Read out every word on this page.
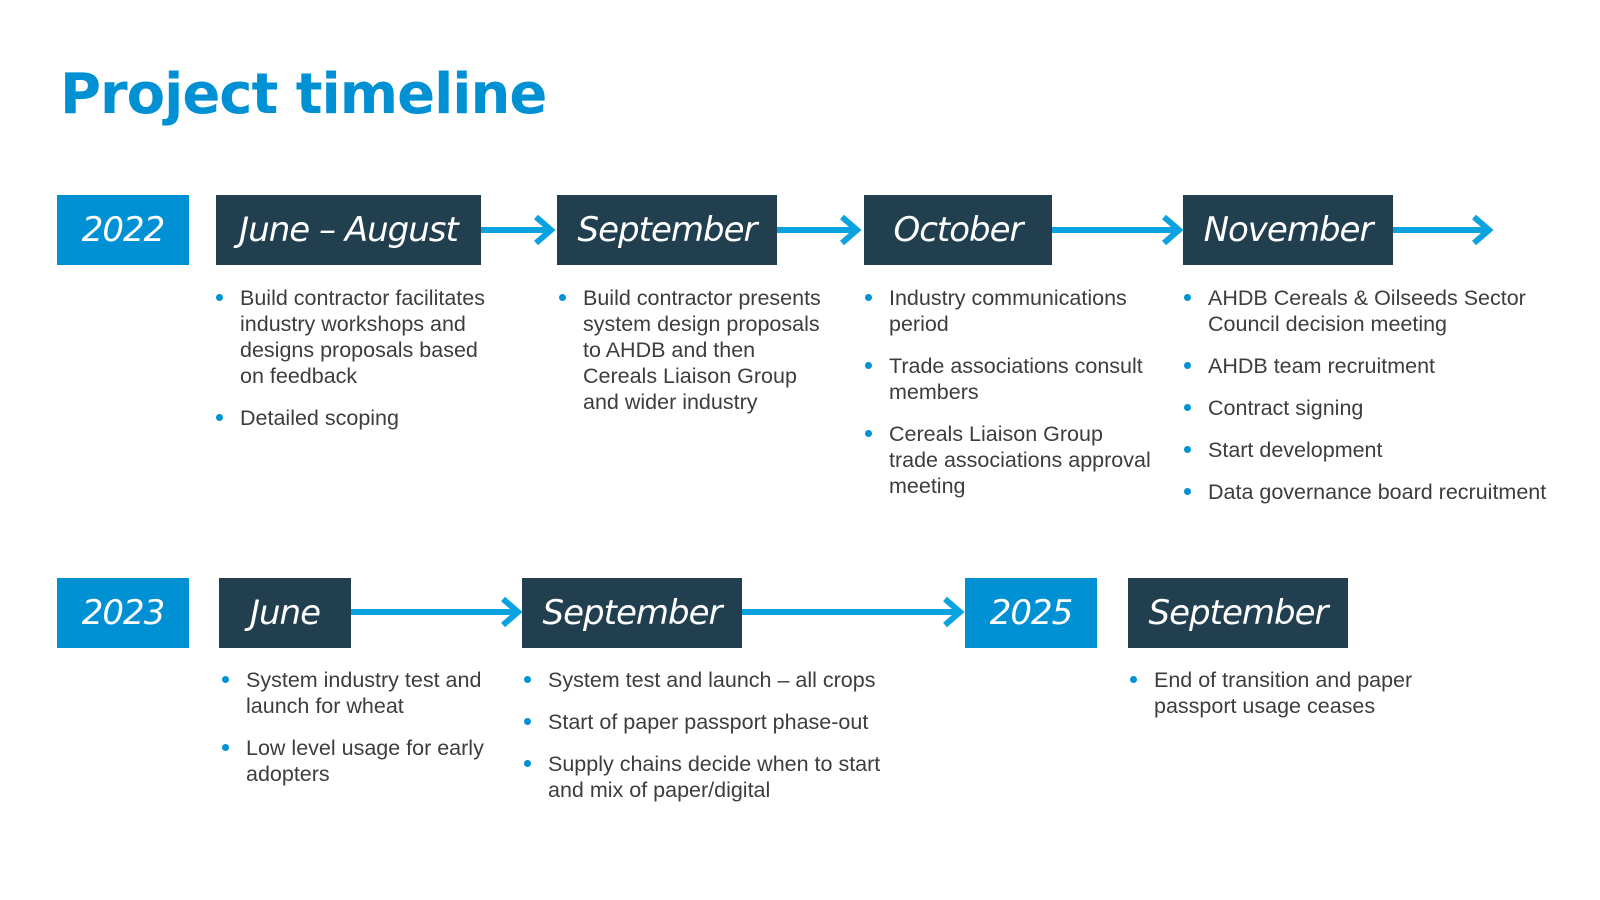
Project timeline
2022	June – August	September	October	November
Build contractor facilitates industry workshops and designs proposals based on feedback
Detailed scoping
Build contractor presents system design proposals to AHDB and then Cereals Liaison Group and wider industry
Industry communications period
Trade associations consult members
Cereals Liaison Group trade associations approval meeting
AHDB Cereals & Oilseeds Sector Council decision meeting
AHDB team recruitment
Contract signing
Start development
Data governance board recruitment
2023	June	September	2025	September
System industry test and launch for wheat
Low level usage for early adopters
System test and launch – all crops
Start of paper passport phase-out
Supply chains decide when to start and mix of paper/digital
End of transition and paper passport usage ceases
